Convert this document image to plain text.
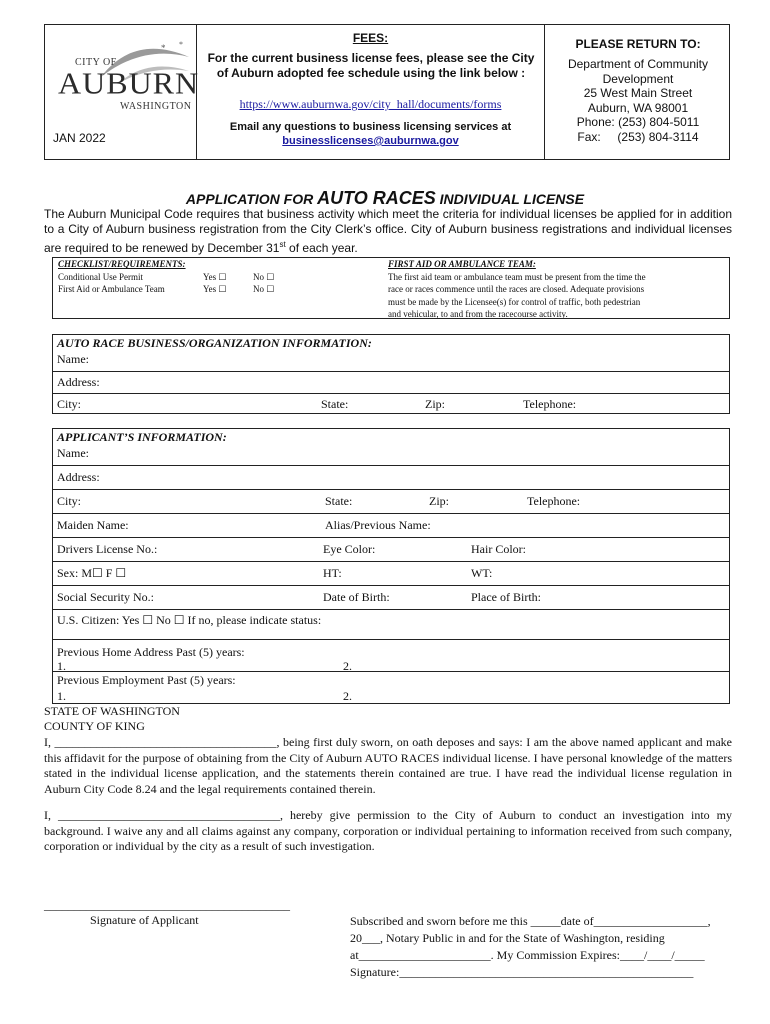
* *
CITY OF
AUBURN
WASHINGTON
JAN 2022
FEES:
For the current business license fees, please see the City of Auburn adopted fee schedule using the link below :
https://www.auburnwa.gov/city_hall/documents/forms
Email any questions to business licensing services at
businesslicenses@auburnwa.gov
PLEASE RETURN TO:
Department of Community
Development
25 West Main Street
Auburn, WA 98001
Phone: (253) 804-5011
Fax:     (253) 804-3114
APPLICATION FOR AUTO RACES INDIVIDUAL LICENSE
The Auburn Municipal Code requires that business activity which meet the criteria for individual licenses be applied for in addition to a City of Auburn business registration from the City Clerk’s office. City of Auburn business registrations and individual licenses are required to be renewed by December 31st of each year.
CHECKLIST/REQUIREMENTS:
Conditional Use Permit	Yes ☐	No ☐
First Aid or Ambulance Team	Yes ☐	No ☐
FIRST AID OR AMBULANCE TEAM:
The first aid team or ambulance team must be present from the time the
race or races commence until the races are closed. Adequate provisions
must be made by the Licensee(s) for control of traffic, both pedestrian
and vehicular, to and from the racecourse activity.
AUTO RACE BUSINESS/ORGANIZATION INFORMATION:
Name:
Address:
City:	State:	Zip:	Telephone:
APPLICANT’S INFORMATION:
Name:
Address:
City:	State:	Zip:	Telephone:
Maiden Name:	Alias/Previous Name:
Drivers License No.:	Eye Color:	Hair Color:
Sex: M☐ F ☐	HT:	WT:
Social Security No.:	Date of Birth:	Place of Birth:
U.S. Citizen: Yes ☐ No ☐ If no, please indicate status:
Previous Home Address Past (5) years:
1.	2.
Previous Employment Past (5) years:
1.	2.
STATE OF WASHINGTON
COUNTY OF KING
I, _____________________________________, being first duly sworn, on oath deposes and says: I am the above named applicant and make this affidavit for the purpose of obtaining from the City of Auburn AUTO RACES individual license. I have personal knowledge of the matters stated in the individual license application, and the statements therein contained are true. I have read the individual license regulation in Auburn City Code 8.24 and the legal requirements contained therein.
I, _____________________________________, hereby give permission to the City of Auburn to conduct an investigation into my background. I waive any and all claims against any company, corporation or individual pertaining to information received from such company, corporation or individual by the city as a result of such investigation.
_________________________________________
Signature of Applicant	Subscribed and sworn before me this _____date of___________________,
20___, Notary Public in and for the State of Washington, residing
at______________________. My Commission Expires:____/____/_____
Signature:_________________________________________________
